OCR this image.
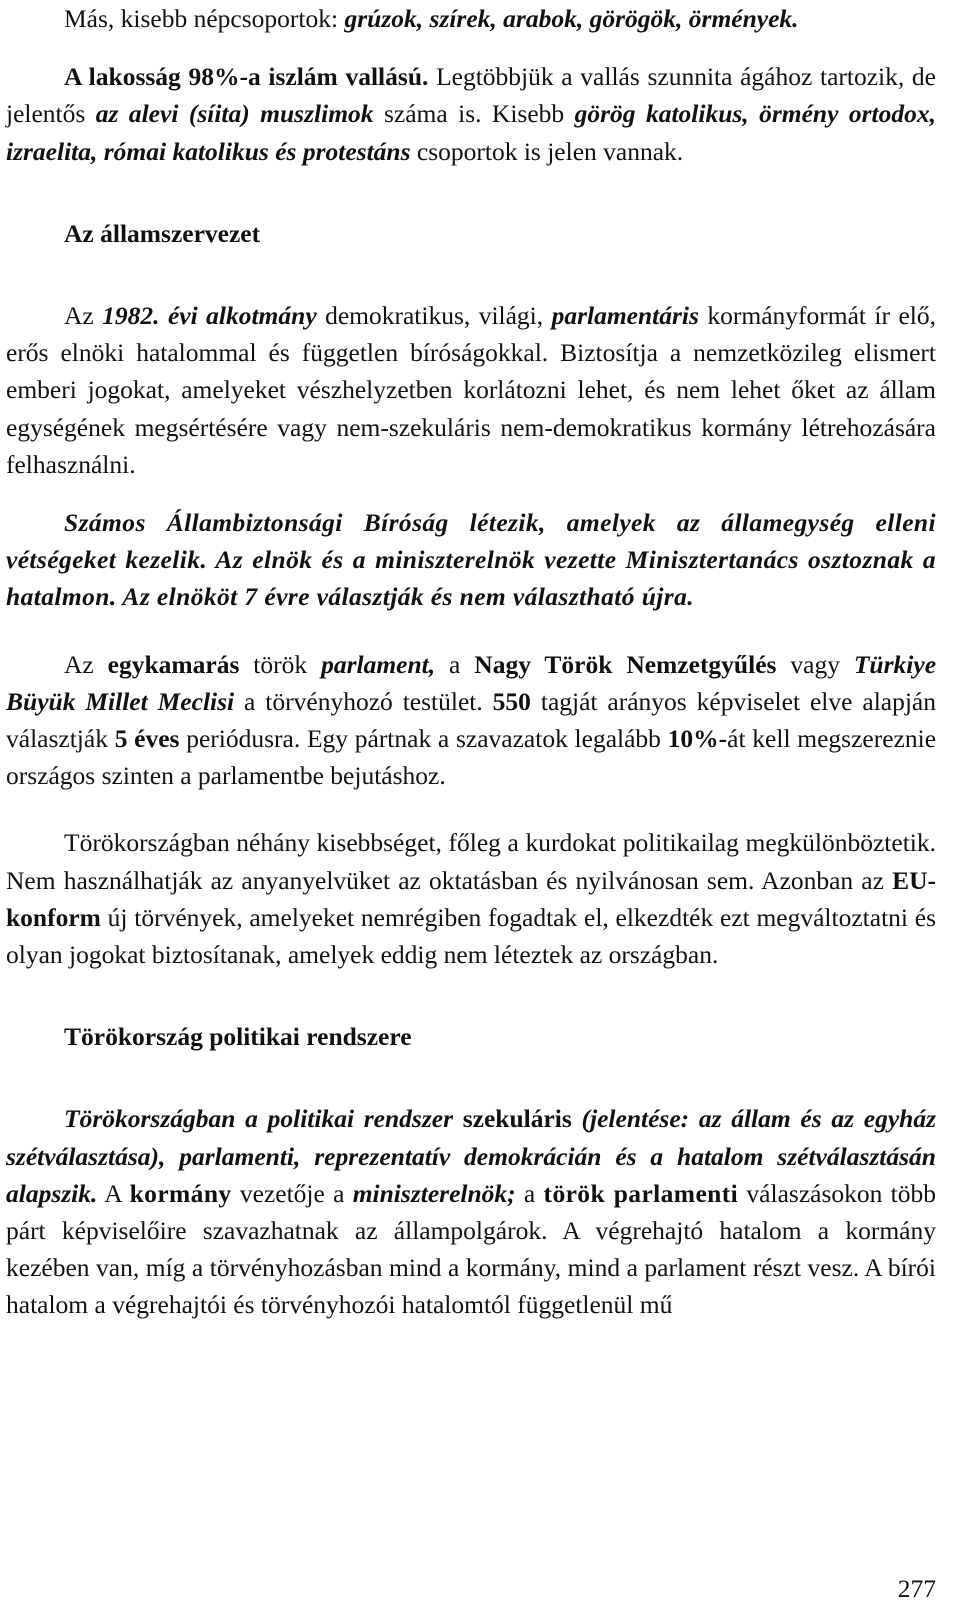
Más, kisebb népcsoportok: grúzok, szírek, arabok, görögök, örmények.

A lakosság 98%-a iszlám vallású. Legtöbbjük a vallás szunnita ágához tartozik, de jelentős az alevi (síita) muszlimok száma is. Kisebb görög katolikus, örmény ortodox, izraelita, római katolikus és protestáns csoportok is jelen vannak.

Az államszervezet

Az 1982. évi alkotmány demokratikus, világi, parlamentáris kormányformát ír elő, erős elnöki hatalommal és független bíróságokkal. Biztosítja a nemzetközileg elismert emberi jogokat, amelyeket vészhelyzetben korlátozni lehet, és nem lehet őket az állam egységének megsértésére vagy nem-szekuláris nem-demokratikus kormány létrehozására felhasználni.

Számos Állambiztonsági Bíróság létezik, amelyek az államegység elleni vétségeket kezelik. Az elnök és a miniszterelnök vezette Minisztertanács osztoznak a hatalmon. Az elnököt 7 évre választják és nem választható újra.

Az egykamarás török parlament, a Nagy Török Nemzetgyűlés vagy Türkiye Büyük Millet Meclisi a törvényhozó testület. 550 tagját arányos képviselet elve alapján választják 5 éves periódusra. Egy pártnak a szavazatok legalább 10%-át kell megszereznie országos szinten a parlamentbe bejutáshoz.

Törökországban néhány kisebbséget, főleg a kurdokat politikailag megkülönböztetik. Nem használhatják az anyanyelvüket az oktatásban és nyilvánosan sem. Azonban az EU-konform új törvények, amelyeket nemrégiben fogadtak el, elkezdték ezt megváltoztatni és olyan jogokat biztosítanak, amelyek eddig nem léteztek az országban.

Törökország politikai rendszere

Törökországban a politikai rendszer szekuláris (jelentése: az állam és az egyház szétválasztása), parlamenti, reprezentatív demokrácián és a hatalom szétválasztásán alapszik. A kormány vezetője a miniszterelnök; a török parlamenti válaszásokon több párt képviselőire szavazhatnak az állampolgárok. A végrehajtó hatalom a kormány kezében van, míg a törvényhozásban mind a kormány, mind a parlament részt vesz. A bírói hatalom a végrehajtói és törvényhozói hatalomtól függetlenül mű

277
